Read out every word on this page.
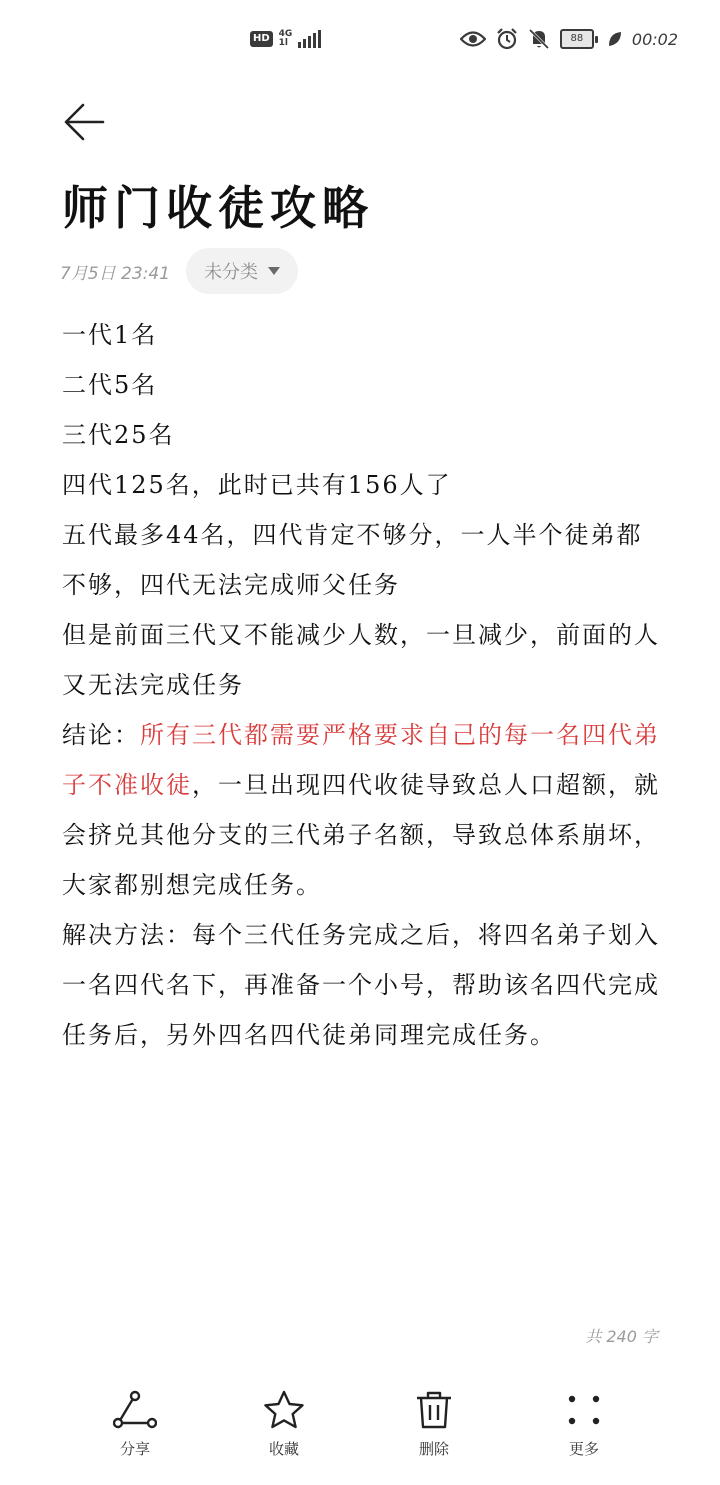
HD	4G
1l	88	00:02
师门收徒攻略
7月5日 23:41 未分类

一代1名

二代5名

三代25名

四代125名，此时已共有156人了

五代最多44名，四代肯定不够分，一人半个徒弟都不够，四代无法完成师父任务

但是前面三代又不能减少人数，一旦减少，前面的人又无法完成任务

结论：所有三代都需要严格要求自己的每一名四代弟子不准收徒，一旦出现四代收徒导致总人口超额，就会挤兑其他分支的三代弟子名额，导致总体系崩坏，大家都别想完成任务。

解决方法：每个三代任务完成之后，将四名弟子划入一名四代名下，再准备一个小号，帮助该名四代完成任务后，另外四名四代徒弟同理完成任务。

共 240 字
分享	收藏	删除	更多
